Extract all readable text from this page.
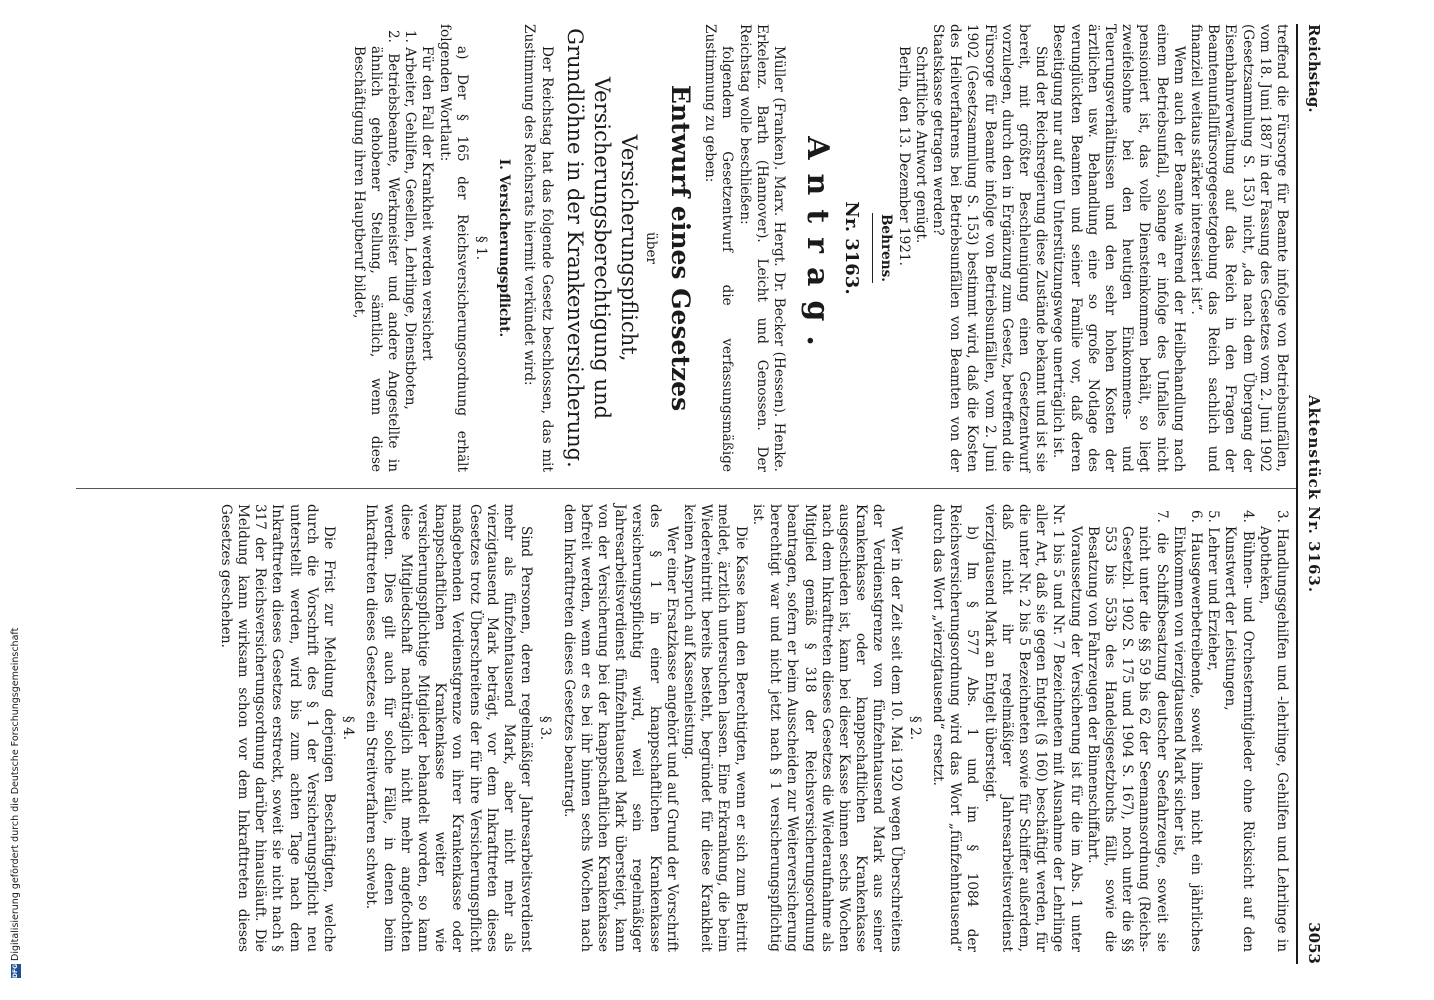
Reichstag.
Aktenstück Nr. 3163.
3053

treffend die Fürsorge für Beamte infolge von Betriebsunfällen, vom 18. Juni 1887 in der Fassung des Gesetzes vom 2. Juni 1902 (Gesetzsammlung S. 153) nicht, „da nach dem Übergang der Eisenbahnverwaltung auf das Reich in den Fragen der Beamtenunfallfürsorgegesetzgebung das Reich sachlich und finanziell weitaus stärker interessiert ist“.

Wenn auch der Beamte während der Heilbehandlung nach einem Betriebsunfall, solange er infolge des Unfalles nicht pensioniert ist, das volle Diensteinkommen behält, so liegt zweifelsohne bei den heutigen Einkommens- und Teuerungsverhältnissen und den sehr hohen Kosten der ärztlichen usw. Behandlung eine so große Notlage des verunglückten Beamten und seiner Familie vor, daß deren Beseitigung nur auf dem Unterstützungswege unerträglich ist.

Sind der Reichsregierung diese Zustände bekannt und ist sie bereit, mit größter Beschleunigung einen Gesetzentwurf vorzulegen, durch den in Ergänzung zum Gesetz, betreffend die Fürsorge für Beamte infolge von Betriebsunfällen, vom 2. Juni 1902 (Gesetzsammlung S. 153) bestimmt wird, daß die Kosten des Heilverfahrens bei Betriebsunfällen von Beamten von der Staatskasse getragen werden?

Schriftliche Antwort genügt.

Berlin, den 13. Dezember 1921.

Behrens.

Nr. 3163.

Antrag.

Müller (Franken). Marx. Hergt. Dr. Becker (Hessen). Henke. Erkelenz. Barth (Hannover). Leicht und Genossen. Der Reichstag wolle beschließen:

folgendem Gesetzentwurf die verfassungsmäßige Zustimmung zu geben:

Entwurf eines Gesetzes

über

Versicherungspflicht, Versicherungsberechtigung und Grundlöhne in der Krankenversicherung.

Der Reichstag hat das folgende Gesetz beschlossen, das mit Zustimmung des Reichsrats hiermit verkündet wird:

I. Versicherungspflicht.

§ 1.

a) Der § 165 der Reichsversicherungsordnung erhält folgenden Wortlaut:

Für den Fall der Krankheit werden versichert

1. Arbeiter, Gehilfen, Gesellen, Lehrlinge, Dienstboten,

2. Betriebsbeamte, Werkmeister und andere Angestellte in ähnlich gehobener Stellung, sämtlich, wenn diese Beschäftigung ihren Hauptberuf bildet,

3. Handlungsgehilfen und -lehrlinge, Gehilfen und Lehrlinge in Apotheken,

4. Bühnen- und Orchestermitglieder ohne Rücksicht auf den Kunstwert der Leistungen,

5. Lehrer und Erzieher,

6. Hausgewerbetreibende, soweit ihnen nicht ein jährliches Einkommen von vierzigtausend Mark sicher ist,

7. die Schiffsbesatzung deutscher Seefahrzeuge, soweit sie nicht unter die §§ 59 bis 62 der Seemannsordnung (Reichs-Gesetzbl. 1902 S. 175 und 1904 S. 167), noch unter die §§ 553 bis 553b des Handelsgesetzbuchs fällt, sowie die Besatzung von Fahrzeugen der Binnenschiffahrt.

Voraussetzung der Versicherung ist für die im Abs. 1 unter Nr. 1 bis 5 und Nr. 7 Bezeichneten mit Ausnahme der Lehrlinge aller Art, daß sie gegen Entgelt (§ 160) beschäftigt werden, für die unter Nr. 2 bis 5 Bezeichneten sowie für Schiffer außerdem, daß nicht ihr regelmäßiger Jahresarbeitsverdienst vierzigtausend Mark an Entgelt übersteigt.

b) Im § 577 Abs. 1 und im § 1084 der Reichsversicherungsordnung wird das Wort „fünfzehntausend“ durch das Wort „vierzigtausend“ ersetzt.

§ 2.

Wer in der Zeit seit dem 10. Mai 1920 wegen Überschreitens der Verdienstgrenze von fünfzehntausend Mark aus seiner Krankenkasse oder knappschaftlichen Krankenkasse ausgeschieden ist, kann bei dieser Kasse binnen sechs Wochen nach dem Inkrafttreten dieses Gesetzes die Wiederaufnahme als Mitglied gemäß § 318 der Reichsversicherungsordnung beantragen, sofern er beim Ausscheiden zur Weiterversicherung berechtigt war und nicht jetzt nach § 1 versicherungspflichtig ist.

Die Kasse kann den Berechtigten, wenn er sich zum Beitritt meldet, ärztlich untersuchen lassen. Eine Erkrankung, die beim Wiedereintritt bereits besteht, begründet für diese Krankheit keinen Anspruch auf Kassenleistung.

Wer einer Ersatzkasse angehört und auf Grund der Vorschrift des § 1 in einer knappschaftlichen Krankenkasse versicherungspflichtig wird, weil sein regelmäßiger Jahresarbeitsverdienst fünfzehntausend Mark übersteigt, kann von der Versicherung bei der knappschaftlichen Krankenkasse befreit werden, wenn er es bei ihr binnen sechs Wochen nach dem Inkrafttreten dieses Gesetzes beantragt.

§ 3.

Sind Personen, deren regelmäßiger Jahresarbeitsverdienst mehr als fünfzehntausend Mark, aber nicht mehr als vierzigtausend Mark beträgt, vor dem Inkrafttreten dieses Gesetzes trotz Überschreitens der für ihre Versicherungspflicht maßgebenden Verdienstgrenze von ihrer Krankenkasse oder knappschaftlichen Krankenkasse weiter wie versicherungspflichtige Mitglieder behandelt worden, so kann diese Mitgliedschaft nachträglich nicht mehr angefochten werden. Dies gilt auch für solche Fälle, in denen beim Inkrafttreten dieses Gesetzes ein Streitverfahren schwebt.

§ 4.

Die Frist zur Meldung derjenigen Beschäftigten, welche durch die Vorschrift des § 1 der Versicherungspflicht neu unterstellt werden, wird bis zum achten Tage nach dem Inkrafttreten dieses Gesetzes erstreckt, soweit sie nicht nach § 317 der Reichsversicherungsordnung darüber hinausläuft. Die Meldung kann wirksam schon vor dem Inkrafttreten dieses Gesetzes geschehen.

DFGDigitalisierung gefördert durch die Deutsche Forschungsgemeinschaft
